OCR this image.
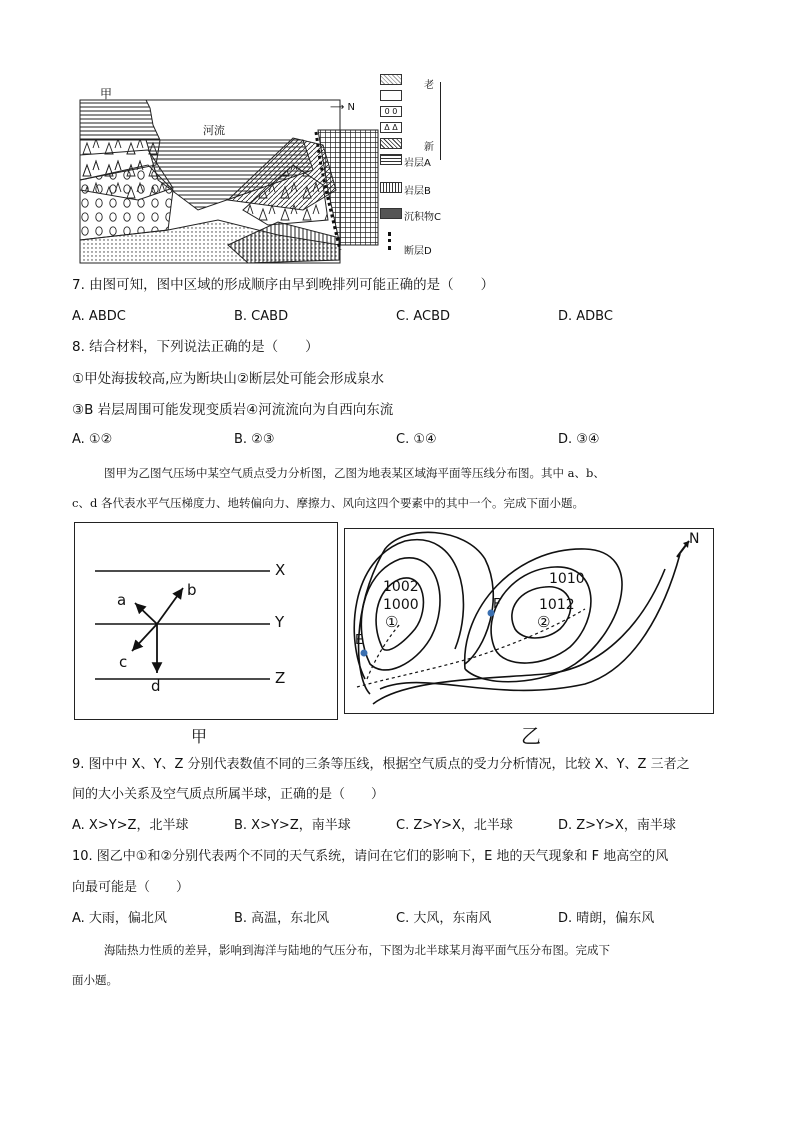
甲
河流
⟶ N	0 0
Δ Δ
老
新
岩层A
岩层B
沉积物C
断层D
7. 由图可知，图中区域的形成顺序由早到晚排列可能正确的是（　　）
A. ABDC	B. CABD	C. ACBD	D. ADBC
8. 结合材料，下列说法正确的是（　　）
①甲处海拔较高,应为断块山②断层处可能会形成泉水
③B 岩层周围可能发现变质岩④河流流向为自西向东流
A. ①②	B. ②③	C. ①④	D. ③④
图甲为乙图气压场中某空气质点受力分析图，乙图为地表某区域海平面等压线分布图。其中 a、b、
c、d 各代表水平气压梯度力、地转偏向力、摩擦力、风向这四个要素中的其中一个。完成下面小题。
X
Y
Z
a
b
c
d
甲
1002
1000
1010
1012
①	②
E
F
N
乙
9. 图中中 X、Y、Z 分别代表数值不同的三条等压线，根据空气质点的受力分析情况，比较 X、Y、Z 三者之
间的大小关系及空气质点所属半球，正确的是（　　）
A. X>Y>Z，北半球	B. X>Y>Z，南半球	C. Z>Y>X，北半球	D. Z>Y>X，南半球
10. 图乙中①和②分别代表两个不同的天气系统，请问在它们的影响下，E 地的天气现象和 F 地高空的风
向最可能是（　　）
A. 大雨，偏北风	B. 高温，东北风	C. 大风，东南风	D. 晴朗，偏东风
海陆热力性质的差异，影响到海洋与陆地的气压分布，下图为北半球某月海平面气压分布图。完成下
面小题。
